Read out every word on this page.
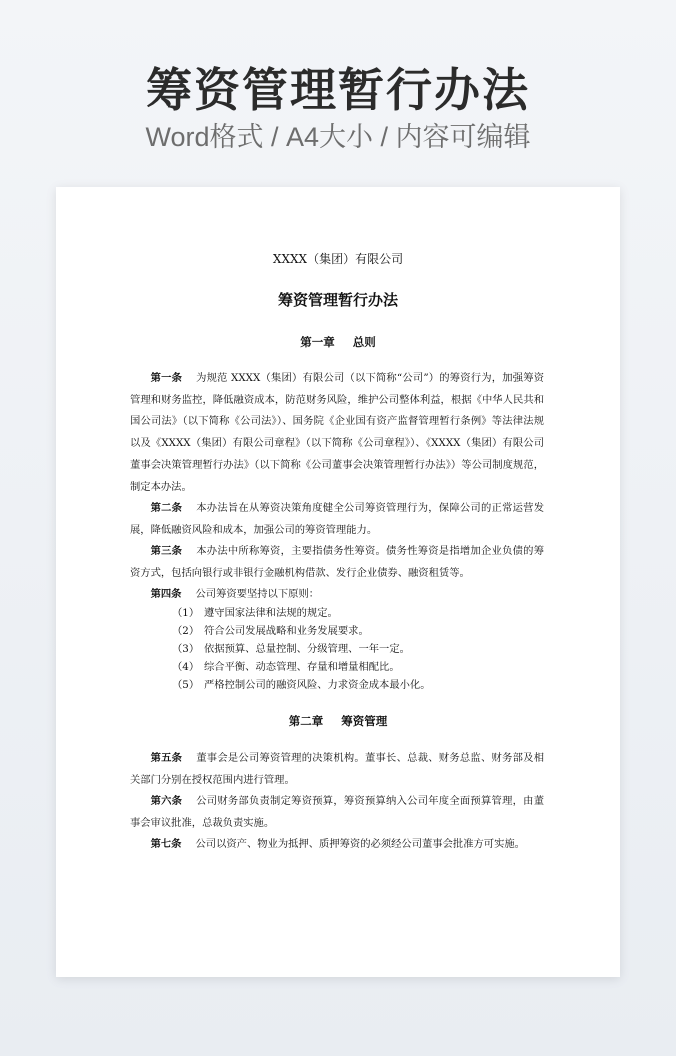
筹资管理暂行办法
Word格式 / A4大小 / 内容可编辑
XXXX（集团）有限公司
筹资管理暂行办法
第一章 总则

第一条 为规范 XXXX（集团）有限公司（以下简称“公司”）的筹资行为，加强筹资管理和财务监控，降低融资成本，防范财务风险，维护公司整体利益，根据《中华人民共和国公司法》（以下简称《公司法》）、国务院《企业国有资产监督管理暂行条例》等法律法规以及《XXXX（集团）有限公司章程》（以下简称《公司章程》）、《XXXX（集团）有限公司董事会决策管理暂行办法》（以下简称《公司董事会决策管理暂行办法》）等公司制度规范，制定本办法。

第二条 本办法旨在从筹资决策角度健全公司筹资管理行为，保障公司的正常运营发展，降低融资风险和成本，加强公司的筹资管理能力。

第三条 本办法中所称筹资，主要指债务性筹资。债务性筹资是指增加企业负债的筹资方式，包括向银行或非银行金融机构借款、发行企业债券、融资租赁等。

第四条 公司筹资要坚持以下原则：

（1） 遵守国家法律和法规的规定。

（2） 符合公司发展战略和业务发展要求。

（3） 依据预算、总量控制、分级管理、一年一定。

（4） 综合平衡、动态管理、存量和增量相配比。

（5） 严格控制公司的融资风险、力求资金成本最小化。

第二章 筹资管理

第五条 董事会是公司筹资管理的决策机构。董事长、总裁、财务总监、财务部及相关部门分别在授权范围内进行管理。

第六条 公司财务部负责制定筹资预算，筹资预算纳入公司年度全面预算管理，由董事会审议批准，总裁负责实施。

第七条 公司以资产、物业为抵押、质押筹资的必须经公司董事会批准方可实施。
